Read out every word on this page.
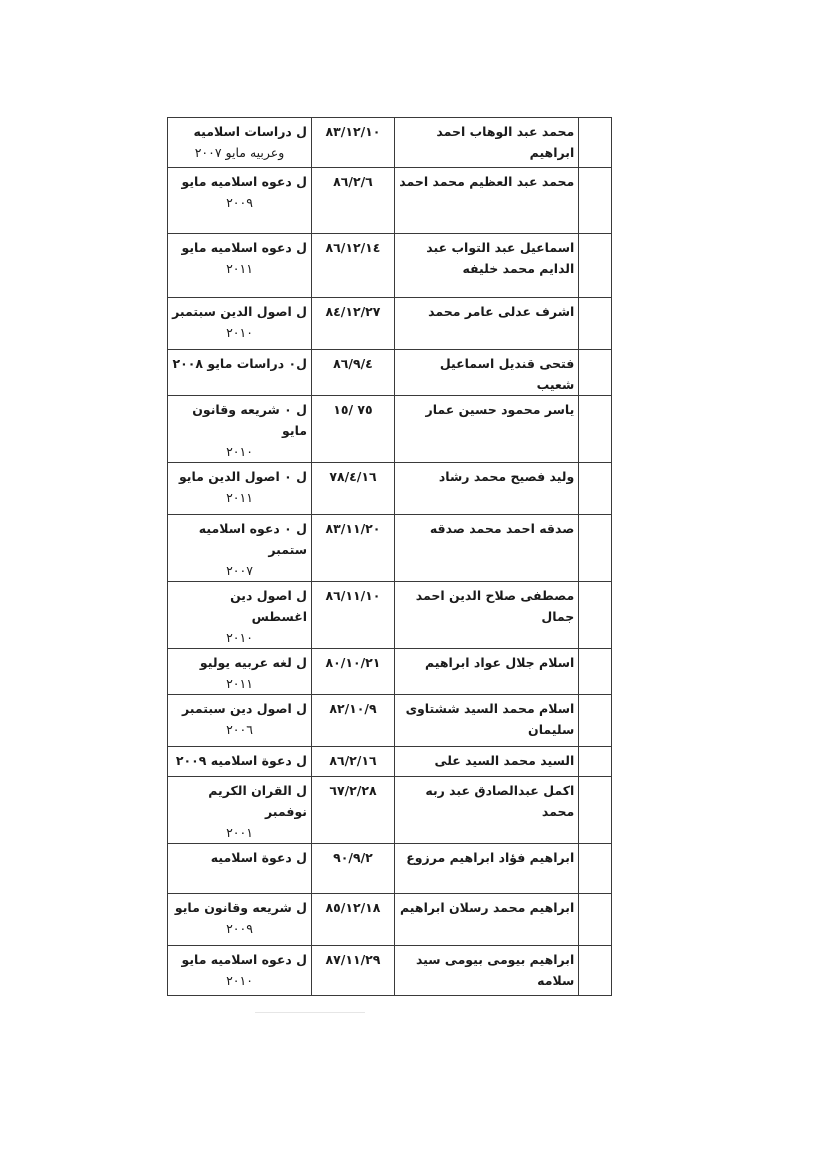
	محمد عبد الوهاب احمد ابراهيم	٨٣/١٢/١٠	ل دراسات اسلاميه
وعربيه مايو ٢٠٠٧

	محمد عبد العظيم محمد احمد	٨٦/٢/٦	ل دعوه اسلاميه مايو
٢٠٠٩

	اسماعيل عبد التواب عبد الدايم محمد خليفه	٨٦/١٢/١٤	ل دعوه اسلاميه مايو
٢٠١١

	اشرف عدلى عامر محمد	٨٤/١٢/٢٧	ل اصول الدين سبتمبر
٢٠١٠

	فتحى قنديل اسماعيل شعيب	٨٦/٩/٤	ل٠ دراسات مايو ٢٠٠٨

	ياسر محمود حسين عمار	٧٥ /١٥	ل ٠ شريعه وقانون مايو
٢٠١٠

	وليد فصيح محمد رشاد	٧٨/٤/١٦	ل ٠ اصول الدين مايو
٢٠١١

	صدقه احمد محمد صدقه	٨٣/١١/٢٠	ل ٠ دعوه اسلاميه ستمبر
٢٠٠٧

	مصطفى صلاح الدين احمد جمال	٨٦/١١/١٠	ل اصول دين اغسطس
٢٠١٠

	اسلام جلال عواد ابراهيم	٨٠/١٠/٢١	ل لغه عربيه يوليو
٢٠١١

	اسلام محمد السيد ششتاوى سليمان	٨٢/١٠/٩	ل اصول دين سبتمبر
٢٠٠٦

	السيد محمد السيد على	٨٦/٢/١٦	ل دعوة اسلاميه ٢٠٠٩

	اكمل عبدالصادق عبد ربه محمد	٦٧/٢/٢٨	ل القران الكريم نوفمبر
٢٠٠١

	ابراهيم فؤاد ابراهيم مرزوع	٩٠/٩/٢	ل دعوة اسلاميه

	ابراهيم محمد رسلان ابراهيم	٨٥/١٢/١٨	ل شريعه وقانون مايو
٢٠٠٩

	ابراهيم بيومى بيومى سيد سلامه	٨٧/١١/٢٩	ل دعوه اسلاميه مايو
٢٠١٠
